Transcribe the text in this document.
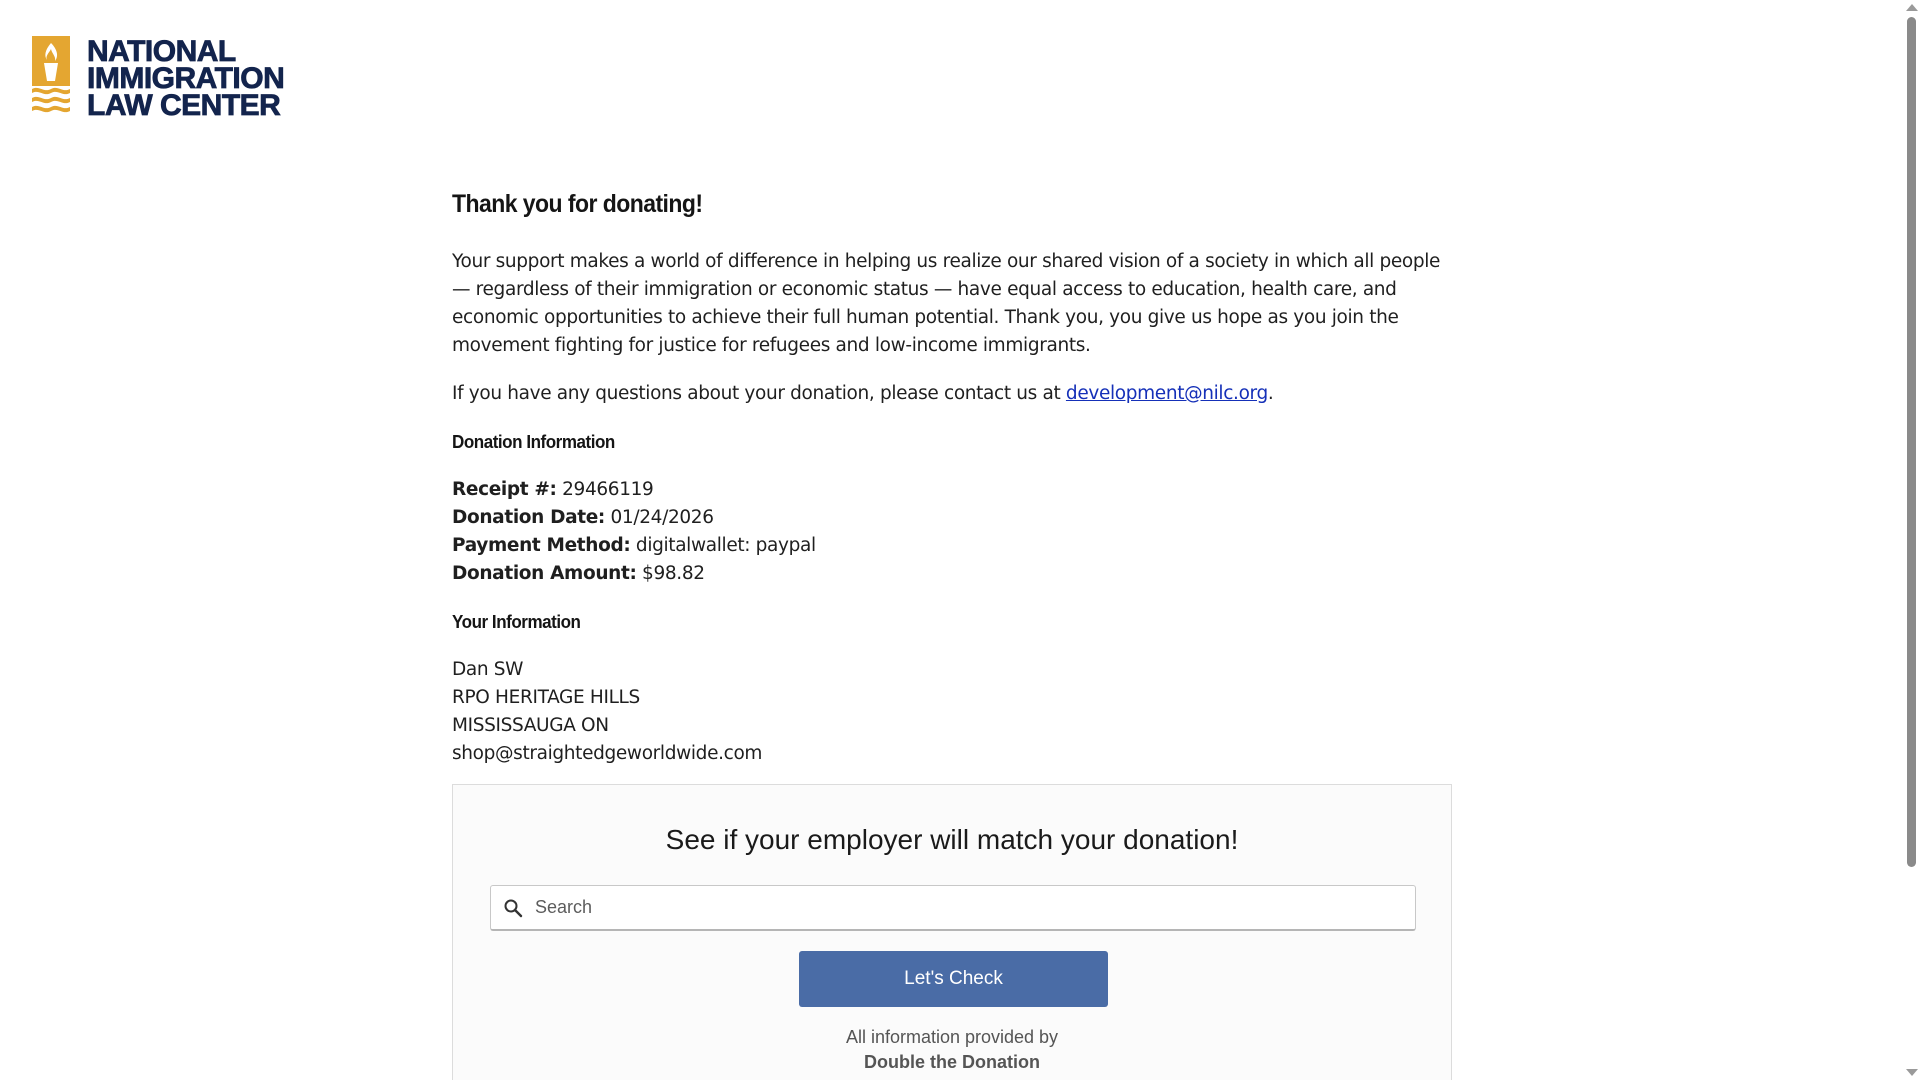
NATIONAL
IMMIGRATION
LAW CENTER
Thank you for donating!

Your support makes a world of difference in helping us realize our shared vision of a society in which all people — regardless of their immigration or economic status — have equal access to education, health care, and economic opportunities to achieve their full human potential. Thank you, you give us hope as you join the movement fighting for justice for refugees and low-income immigrants.

If you have any questions about your donation, please contact us at development@nilc.org.

Donation Information
Receipt #: 29466119
Donation Date: 01/24/2026
Payment Method: digitalwallet: paypal
Donation Amount: $98.82
Your Information
Dan SW
RPO HERITAGE HILLS
MISSISSAUGA ON
shop@straightedgeworldwide.com
See if your employer will match your donation!
Search
Let's Check
All information provided by
Double the Donation
